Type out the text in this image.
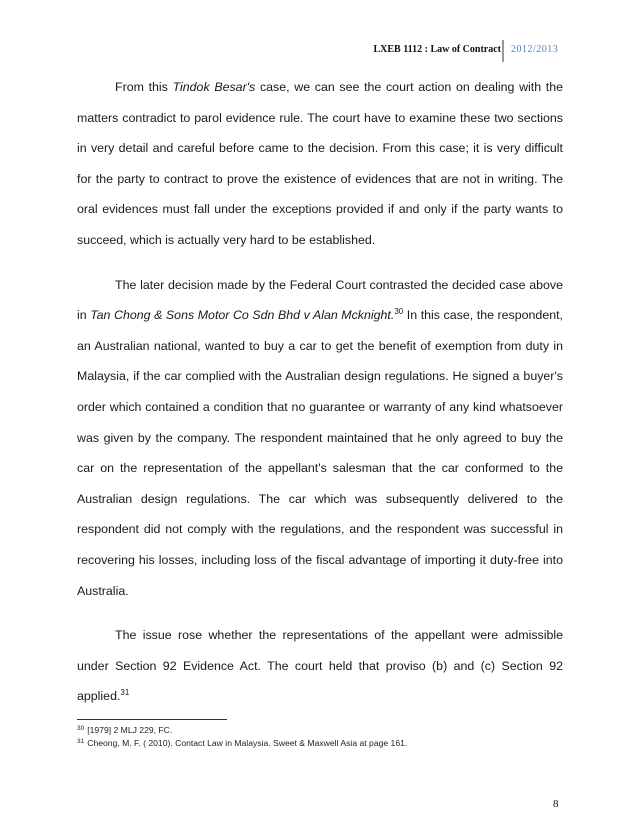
LXEB 1112 : Law of Contract 2012/2013

From this Tindok Besar's case, we can see the court action on dealing with the matters contradict to parol evidence rule. The court have to examine these two sections in very detail and careful before came to the decision. From this case; it is very difficult for the party to contract to prove the existence of evidences that are not in writing. The oral evidences must fall under the exceptions provided if and only if the party wants to succeed, which is actually very hard to be established.

The later decision made by the Federal Court contrasted the decided case above in Tan Chong & Sons Motor Co Sdn Bhd v Alan Mcknight.$^{30}$ In this case, the respondent, an Australian national, wanted to buy a car to get the benefit of exemption from duty in Malaysia, if the car complied with the Australian design regulations. He signed a buyer's order which contained a condition that no guarantee or warranty of any kind whatsoever was given by the company. The respondent maintained that he only agreed to buy the car on the representation of the appellant's salesman that the car conformed to the Australian design regulations. The car which was subsequently delivered to the respondent did not comply with the regulations, and the respondent was successful in recovering his losses, including loss of the fiscal advantage of importing it duty-free into Australia.

The issue rose whether the representations of the appellant were admissible under Section 92 Evidence Act. The court held that proviso (b) and (c) Section 92 applied.$^{31}$

$^{30}$ [1979] 2 MLJ 229, FC.
$^{31}$ Cheong, M. F. ( 2010). Contact Law in Malaysia. Sweet & Maxwell Asia at page 161.
8
